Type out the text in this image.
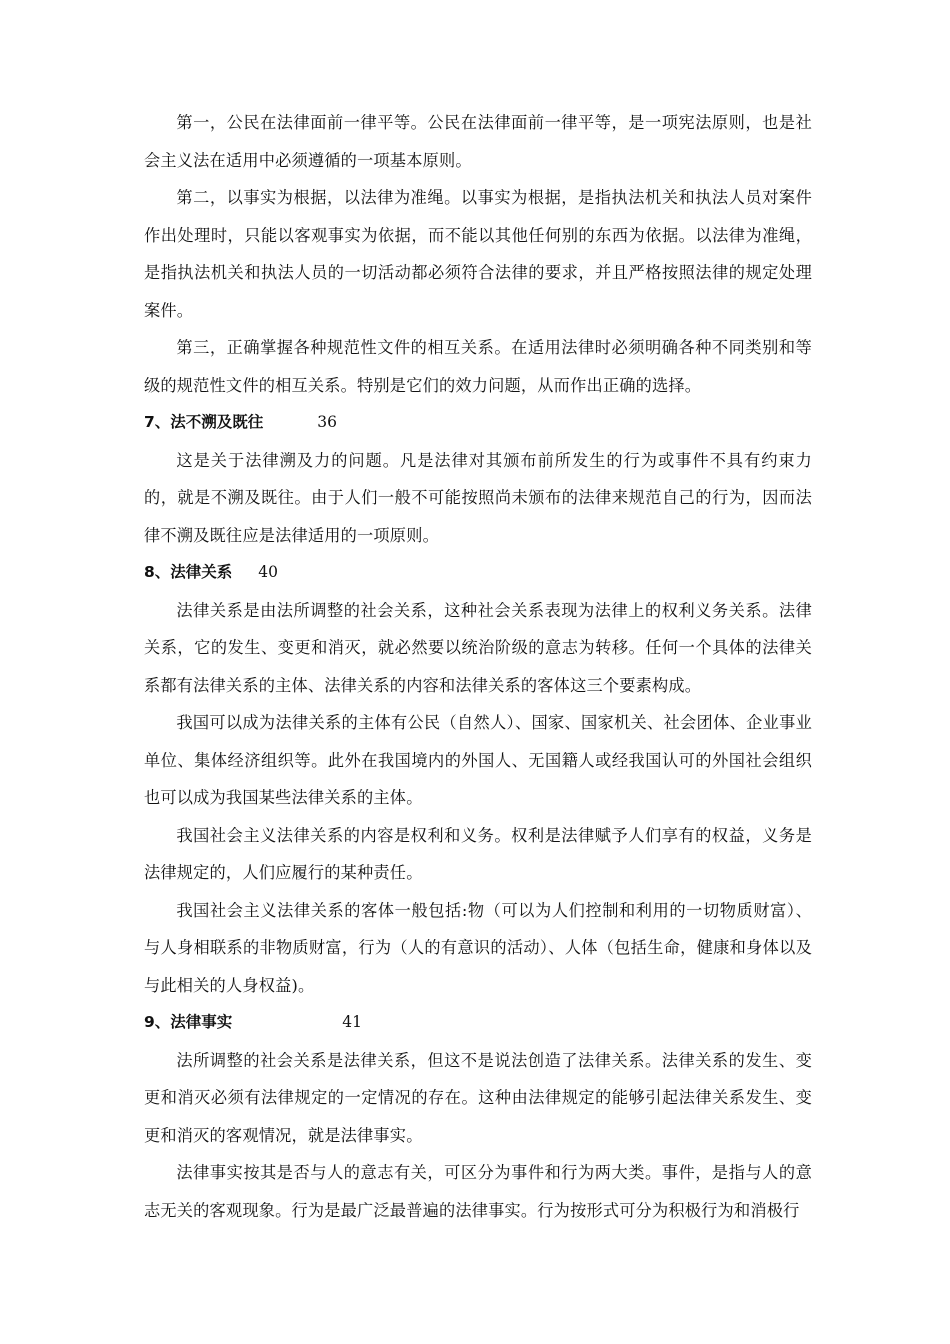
第一，公民在法律面前一律平等。公民在法律面前一律平等，是一项宪法原则，也是社会主义法在适用中必须遵循的一项基本原则。

第二，以事实为根据，以法律为准绳。以事实为根据，是指执法机关和执法人员对案件作出处理时，只能以客观事实为依据，而不能以其他任何别的东西为依据。以法律为准绳，是指执法机关和执法人员的一切活动都必须符合法律的要求，并且严格按照法律的规定处理案件。

第三，正确掌握各种规范性文件的相互关系。在适用法律时必须明确各种不同类别和等级的规范性文件的相互关系。特别是它们的效力问题，从而作出正确的选择。

7、法不溯及既往	36

这是关于法律溯及力的问题。凡是法律对其颁布前所发生的行为或事件不具有约束力的，就是不溯及既往。由于人们一般不可能按照尚未颁布的法律来规范自己的行为，因而法律不溯及既往应是法律适用的一项原则。

8、法律关系 40

法律关系是由法所调整的社会关系，这种社会关系表现为法律上的权利义务关系。法律关系，它的发生、变更和消灭，就必然要以统治阶级的意志为转移。任何一个具体的法律关系都有法律关系的主体、法律关系的内容和法律关系的客体这三个要素构成。

我国可以成为法律关系的主体有公民（自然人）、国家、国家机关、社会团体、企业事业单位、集体经济组织等。此外在我国境内的外国人、无国籍人或经我国认可的外国社会组织也可以成为我国某些法律关系的主体。

我国社会主义法律关系的内容是权利和义务。权利是法律赋予人们享有的权益，义务是法律规定的，人们应履行的某种责任。

我国社会主义法律关系的客体一般包括:物（可以为人们控制和利用的一切物质财富）、与人身相联系的非物质财富，行为（人的有意识的活动）、人体（包括生命，健康和身体以及与此相关的人身权益)。

9、法律事实	41

法所调整的社会关系是法律关系，但这不是说法创造了法律关系。法律关系的发生、变更和消灭必须有法律规定的一定情况的存在。这种由法律规定的能够引起法律关系发生、变更和消灭的客观情况，就是法律事实。

法律事实按其是否与人的意志有关，可区分为事件和行为两大类。事件，是指与人的意志无关的客观现象。行为是最广泛最普遍的法律事实。行为按形式可分为积极行为和消极行
